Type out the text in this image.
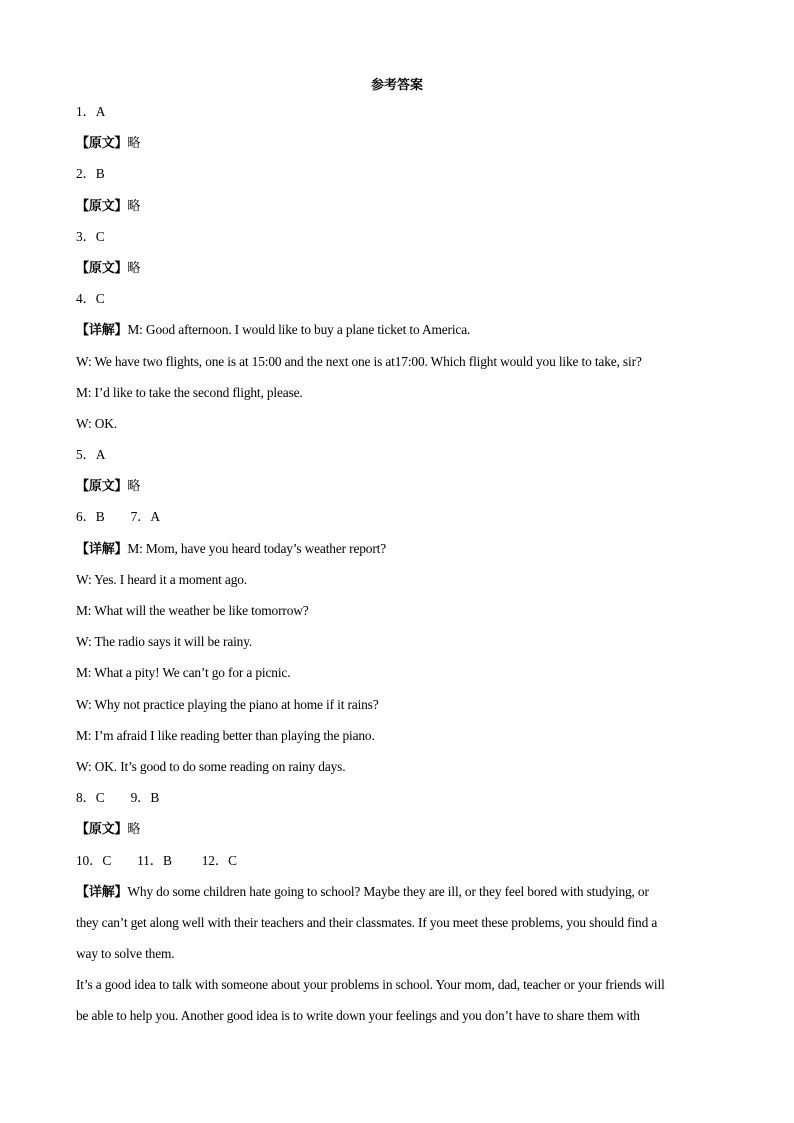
参考答案
1．A
【原文】略
2．B
【原文】略
3．C
【原文】略
4．C
【详解】M: Good afternoon. I would like to buy a plane ticket to America.
W: We have two flights, one is at 15:00 and the next one is at17:00. Which flight would you like to take, sir?
M: I’d like to take the second flight, please.
W: OK.
5．A
【原文】略
6．B 7．A
【详解】M: Mom, have you heard today’s weather report?
W: Yes. I heard it a moment ago.
M: What will the weather be like tomorrow?
W: The radio says it will be rainy.
M: What a pity! We can’t go for a picnic.
W: Why not practice playing the piano at home if it rains?
M: I’m afraid I like reading better than playing the piano.
W: OK. It’s good to do some reading on rainy days.
8．C 9．B
【原文】略
10．C 11．B 12．C
【详解】Why do some children hate going to school? Maybe they are ill, or they feel bored with studying, or
they can’t get along well with their teachers and their classmates. If you meet these problems, you should find a
way to solve them.
It’s a good idea to talk with someone about your problems in school. Your mom, dad, teacher or your friends will
be able to help you. Another good idea is to write down your feelings and you don’t have to share them with
